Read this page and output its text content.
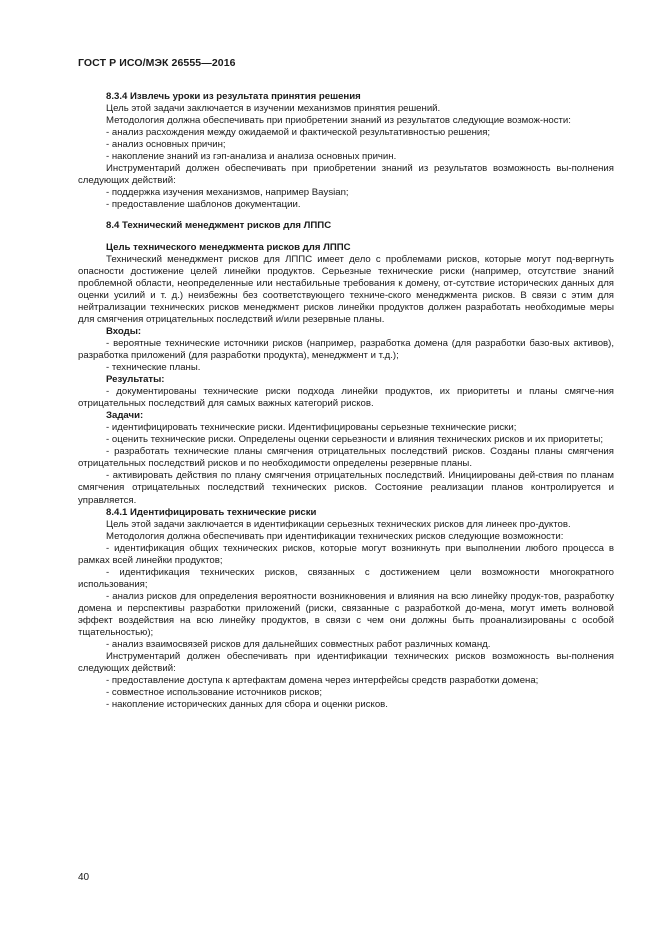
ГОСТ Р ИСО/МЭК 26555—2016

8.3.4 Извлечь уроки из результата принятия решения

Цель этой задачи заключается в изучении механизмов принятия решений.

Методология должна обеспечивать при приобретении знаний из результатов следующие возмож-ности:

- анализ расхождения между ожидаемой и фактической результативностью решения;

- анализ основных причин;

- накопление знаний из гэп-анализа и анализа основных причин.

Инструментарий должен обеспечивать при приобретении знаний из результатов возможность вы-полнения следующих действий:

- поддержка изучения механизмов, например Baysian;

- предоставление шаблонов документации.

8.4 Технический менеджмент рисков для ЛППС

Цель технического менеджмента рисков для ЛППС

Технический менеджмент рисков для ЛППС имеет дело с проблемами рисков, которые могут под-вергнуть опасности достижение целей линейки продуктов. Серьезные технические риски (например, отсутствие знаний проблемной области, неопределенные или нестабильные требования к домену, от-сутствие исторических данных для оценки усилий и т. д.) неизбежны без соответствующего техниче-ского менеджмента рисков. В связи с этим для нейтрализации технических рисков менеджмент рисков линейки продуктов должен разработать необходимые меры для смягчения отрицательных последствий и/или резервные планы.

Входы:

- вероятные технические источники рисков (например, разработка домена (для разработки базо-вых активов), разработка приложений (для разработки продукта), менеджмент и т.д.);

- технические планы.

Результаты:

- документированы технические риски подхода линейки продуктов, их приоритеты и планы смягче-ния отрицательных последствий для самых важных категорий рисков.

Задачи:

- идентифицировать технические риски. Идентифицированы серьезные технические риски;

- оценить технические риски. Определены оценки серьезности и влияния технических рисков и их приоритеты;

- разработать технические планы смягчения отрицательных последствий рисков. Созданы планы смягчения отрицательных последствий рисков и по необходимости определены резервные планы.

- активировать действия по плану смягчения отрицательных последствий. Инициированы дей-ствия по планам смягчения отрицательных последствий технических рисков. Состояние реализации планов контролируется и управляется.

8.4.1 Идентифицировать технические риски

Цель этой задачи заключается в идентификации серьезных технических рисков для линеек про-дуктов.

Методология должна обеспечивать при идентификации технических рисков следующие возможности:

- идентификация общих технических рисков, которые могут возникнуть при выполнении любого процесса в рамках всей линейки продуктов;

- идентификация технических рисков, связанных с достижением цели возможности многократного использования;

- анализ рисков для определения вероятности возникновения и влияния на всю линейку продук-тов, разработку домена и перспективы разработки приложений (риски, связанные с разработкой до-мена, могут иметь волновой эффект воздействия на всю линейку продуктов, в связи с чем они должны быть проанализированы с особой тщательностью);

- анализ взаимосвязей рисков для дальнейших совместных работ различных команд.

Инструментарий должен обеспечивать при идентификации технических рисков возможность вы-полнения следующих действий:

- предоставление доступа к артефактам домена через интерфейсы средств разработки домена;

- совместное использование источников рисков;

- накопление исторических данных для сбора и оценки рисков.

40
